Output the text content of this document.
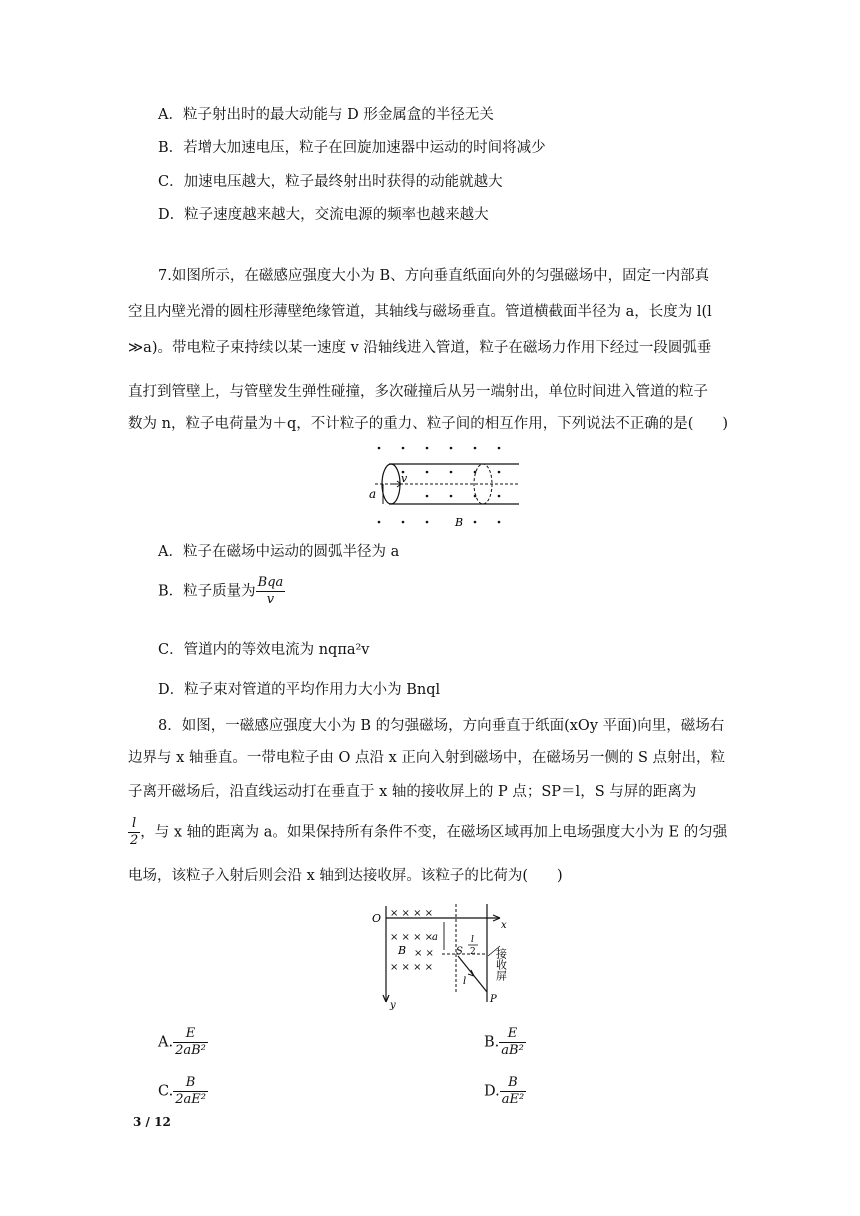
A．粒子射出时的最大动能与 D 形金属盒的半径无关
B．若增大加速电压，粒子在回旋加速器中运动的时间将减少
C．加速电压越大，粒子最终射出时获得的动能就越大
D．粒子速度越来越大，交流电源的频率也越来越大
7.如图所示，在磁感应强度大小为 B、方向垂直纸面向外的匀强磁场中，固定一内部真
空且内壁光滑的圆柱形薄壁绝缘管道，其轴线与磁场垂直。管道横截面半径为 a，长度为 l(l
≫a)。带电粒子束持续以某一速度 v 沿轴线进入管道，粒子在磁场力作用下经过一段圆弧垂
直打到管壁上，与管壁发生弹性碰撞，多次碰撞后从另一端射出，单位时间进入管道的粒子
数为 n，粒子电荷量为＋q，不计粒子的重力、粒子间的相互作用，下列说法不正确的是(　　)
a
v
B
A．粒子在磁场中运动的圆弧半径为 a
B．粒子质量为 $\frac{\text{Bqa}}{v}$
C．管道内的等效电流为 nqπa²v
D．粒子束对管道的平均作用力大小为 Bnql
8．如图，一磁感应强度大小为 B 的匀强磁场，方向垂直于纸面(xOy 平面)向里，磁场右
边界与 x 轴垂直。一带电粒子由 O 点沿 x 正向入射到磁场中，在磁场另一侧的 S 点射出，粒
子离开磁场后，沿直线运动打在垂直于 x 轴的接收屏上的 P 点；SP＝l，S 与屏的距离为
$\frac{l}{2}$ ，与 x 轴的距离为 a。如果保持所有条件不变，在磁场区域再加上电场强度大小为 E 的匀强
电场，该粒子入射后则会沿 x 轴到达接收屏。该粒子的比荷为(　　)
O
x
y
× × × ×
× × × ×
× ×
× × × ×
B
a
S
l
2
l
P
接收屏
A. $\frac{E}{\text{2aB²}}$	B. $\frac{E}{\text{aB²}}$
C. $\frac{B}{\text{2aE²}}$	D. $\frac{B}{\text{aE²}}$
3 / 12
